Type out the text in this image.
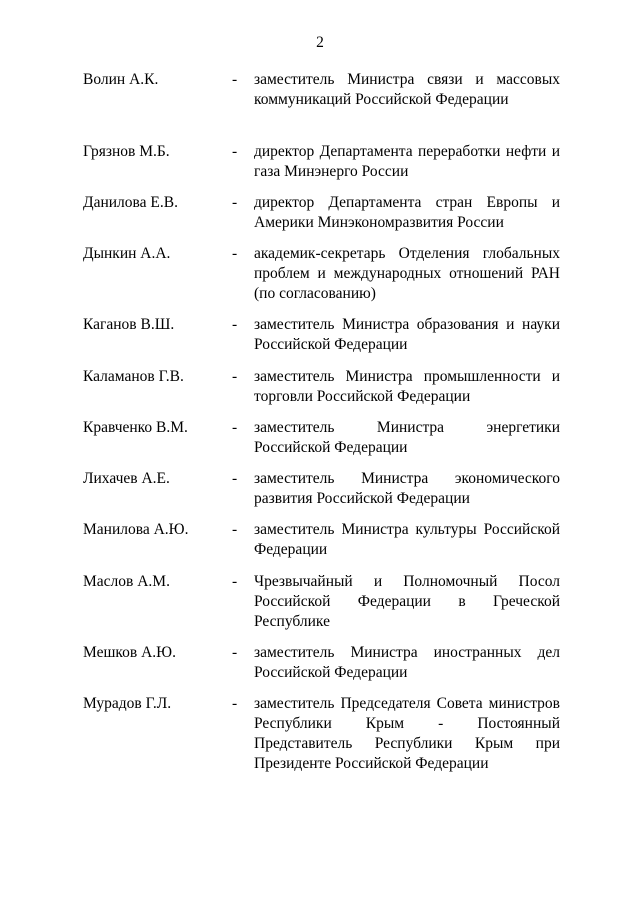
2
Волин А.К.	- заместитель Министра связи и массовых коммуникаций Российской Федерации
Грязнов М.Б.	- директор Департамента переработки нефти и газа Минэнерго России
Данилова Е.В.	- директор Департамента стран Европы и Америки Минэкономразвития России
Дынкин А.А.	- академик-секретарь Отделения глобальных проблем и международных отношений РАН (по согласованию)
Каганов В.Ш.	- заместитель Министра образования и науки Российской Федерации
Каламанов Г.В.	- заместитель Министра промышленности и торговли Российской Федерации
Кравченко В.М.	- заместитель Министра энергетики Российской Федерации
Лихачев А.Е.	- заместитель Министра экономического развития Российской Федерации
Манилова А.Ю.	- заместитель Министра культуры Российской Федерации
Маслов А.М.	- Чрезвычайный и Полномочный Посол Российской Федерации в Греческой Республике
Мешков А.Ю.	- заместитель Министра иностранных дел Российской Федерации
Мурадов Г.Л.	- заместитель Председателя Совета министров Республики Крым - Постоянный Представитель Республики Крым при Президенте Российской Федерации
